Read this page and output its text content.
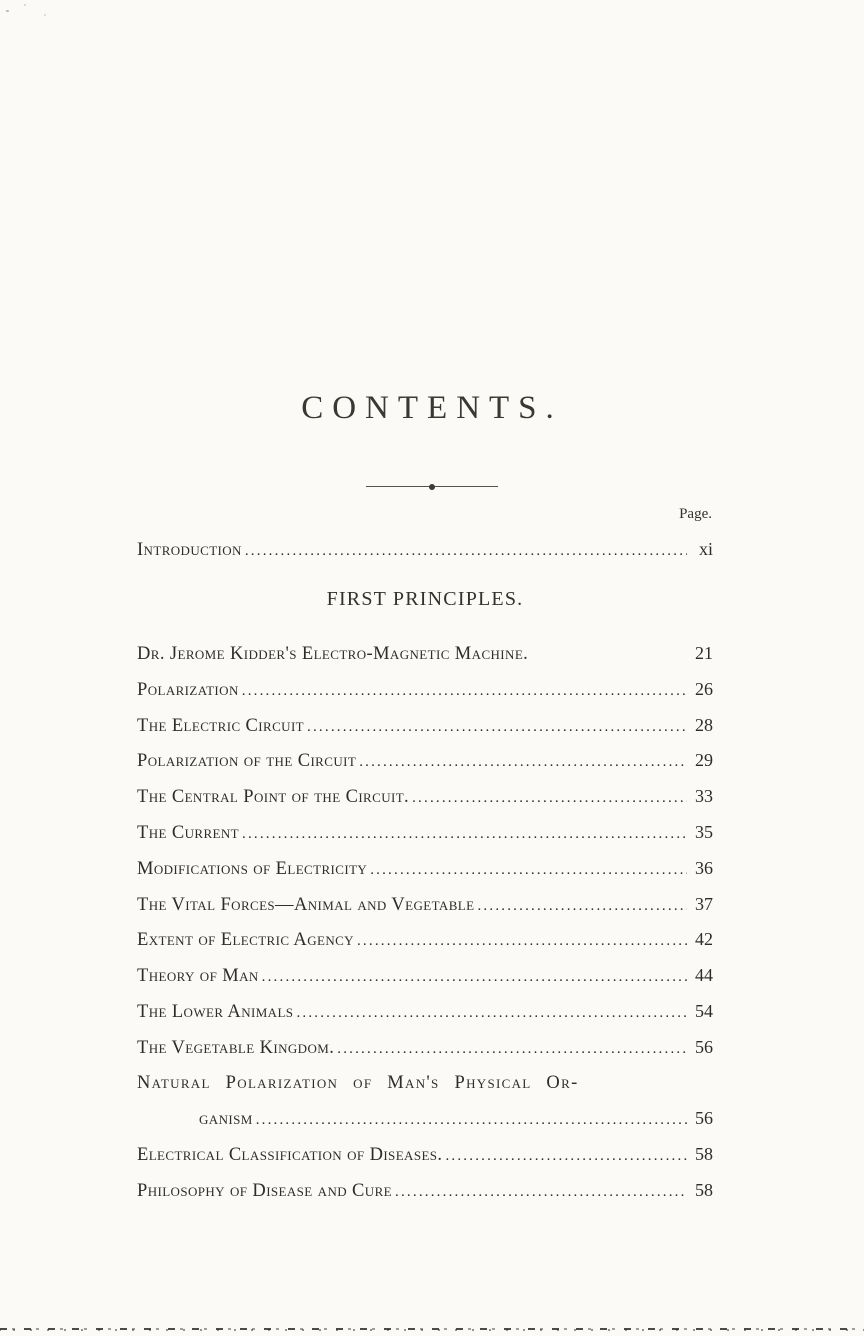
CONTENTS.
Page.
Introduction .....	xi
FIRST PRINCIPLES.
Dr. Jerome Kidder's Electro-Magnetic Machine.	21
Polarization .....	26
The Electric Circuit .....	28
Polarization of the Circuit .....	29
The Central Point of the Circuit. .....	33
The Current .....	35
Modifications of Electricity .....	36
The Vital Forces—Animal and Vegetable .....	37
Extent of Electric Agency .....	42
Theory of Man .....	44
The Lower Animals .....	54
The Vegetable Kingdom. .....	56
Natural Polarization of Man's Physical Or-
ganism .....	56
Electrical Classification of Diseases. .....	58
Philosophy of Disease and Cure .....	58
